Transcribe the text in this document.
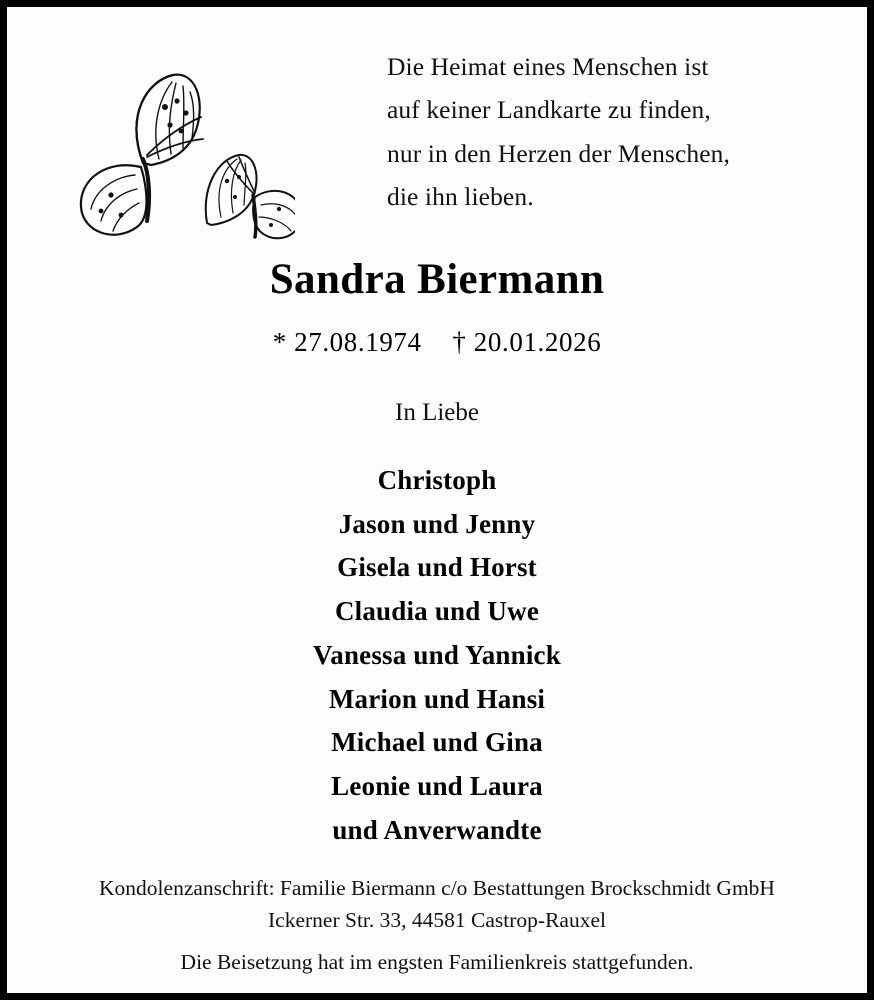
Die Heimat eines Menschen ist
auf keiner Landkarte zu finden,
nur in den Herzen der Menschen,
die ihn lieben.
Sandra Biermann
* 27.08.1974 † 20.01.2026
In Liebe
Christoph
Jason und Jenny
Gisela und Horst
Claudia und Uwe
Vanessa und Yannick
Marion und Hansi
Michael und Gina
Leonie und Laura
und Anverwandte
Kondolenzanschrift: Familie Biermann c/o Bestattungen Brockschmidt GmbH
Ickerner Str. 33, 44581 Castrop-Rauxel
Die Beisetzung hat im engsten Familienkreis stattgefunden.
